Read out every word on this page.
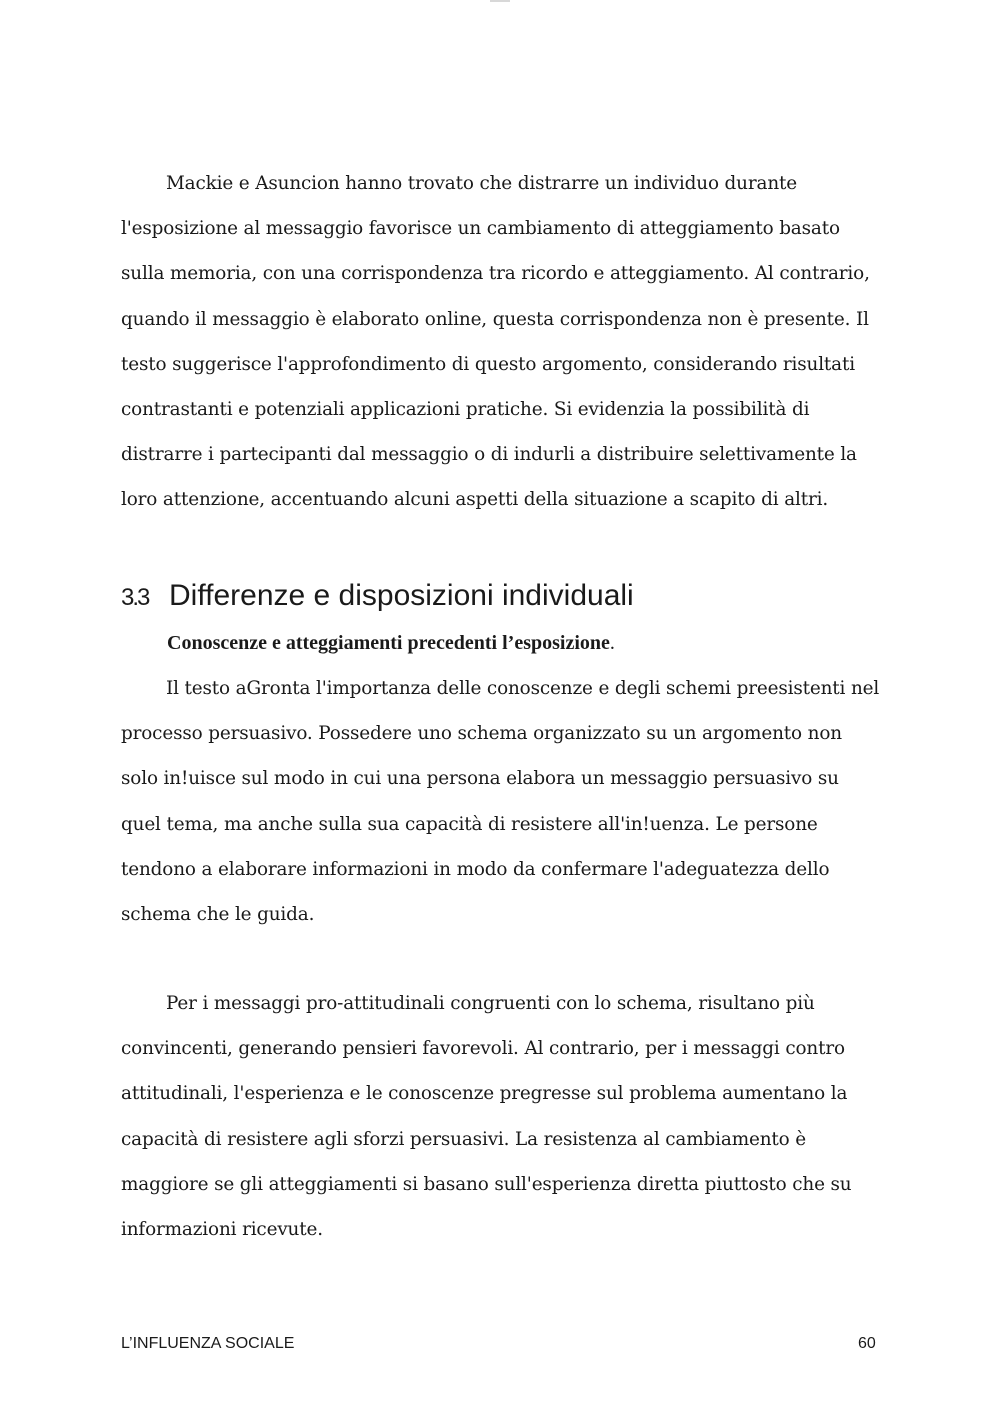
Mackie e Asuncion hanno trovato che distrarre un individuo durante
l'esposizione al messaggio favorisce un cambiamento di atteggiamento basato
sulla memoria, con una corrispondenza tra ricordo e atteggiamento. Al contrario,
quando il messaggio è elaborato online, questa corrispondenza non è presente. Il
testo suggerisce l'approfondimento di questo argomento, considerando risultati
contrastanti e potenziali applicazioni pratiche. Si evidenzia la possibilità di
distrarre i partecipanti dal messaggio o di indurli a distribuire selettivamente la
loro attenzione, accentuando alcuni aspetti della situazione a scapito di altri.

3.3 Differenze e disposizioni individuali

Conoscenze e atteggiamenti precedenti l’esposizione.

Il testo aGronta l'importanza delle conoscenze e degli schemi preesistenti nel
processo persuasivo. Possedere uno schema organizzato su un argomento non
solo in!uisce sul modo in cui una persona elabora un messaggio persuasivo su
quel tema, ma anche sulla sua capacità di resistere all'in!uenza. Le persone
tendono a elaborare informazioni in modo da confermare l'adeguatezza dello
schema che le guida.

Per i messaggi pro-attitudinali congruenti con lo schema, risultano più
convincenti, generando pensieri favorevoli. Al contrario, per i messaggi contro
attitudinali, l'esperienza e le conoscenze pregresse sul problema aumentano la
capacità di resistere agli sforzi persuasivi. La resistenza al cambiamento è
maggiore se gli atteggiamenti si basano sull'esperienza diretta piuttosto che su
informazioni ricevute.

L’INFLUENZA SOCIALE	60
